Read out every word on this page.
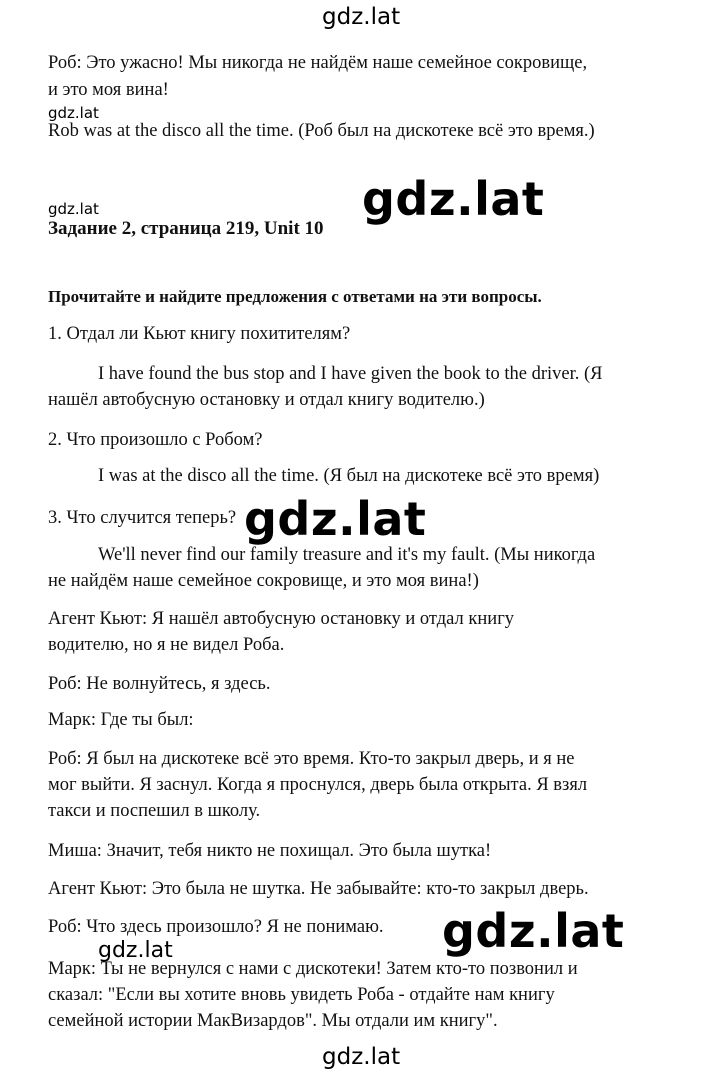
gdz.lat
gdz.lat
gdz.lat	gdz.lat
gdz.lat
gdz.lat
gdz.lat
gdz.lat

Роб: Это ужасно! Мы никогда не найдём наше семейное сокровище,

и это моя вина!

Rob was at the disco all the time. (Роб был на дискотеке всё это время.)

Задание 2, страница 219, Unit 10

Прочитайте и найдите предложения с ответами на эти вопросы.

1. Отдал ли Кьют книгу похитителям?

I have found the bus stop and I have given the book to the driver. (Я

нашёл автобусную остановку и отдал книгу водителю.)

2. Что произошло с Робом?

I was at the disco all the time. (Я был на дискотеке всё это время)

3. Что случится теперь?

We'll never find our family treasure and it's my fault. (Мы никогда

не найдём наше семейное сокровище, и это моя вина!)

Агент Кьют: Я нашёл автобусную остановку и отдал книгу

водителю, но я не видел Роба.

Роб: Не волнуйтесь, я здесь.

Марк: Где ты был:

Роб: Я был на дискотеке всё это время. Кто-то закрыл дверь, и я не

мог выйти. Я заснул. Когда я проснулся, дверь была открыта. Я взял

такси и поспешил в школу.

Миша: Значит, тебя никто не похищал. Это была шутка!

Агент Кьют: Это была не шутка. Не забывайте: кто-то закрыл дверь.

Роб: Что здесь произошло? Я не понимаю.

Марк: Ты не вернулся с нами с дискотеки! Затем кто-то позвонил и

сказал: "Если вы хотите вновь увидеть Роба - отдайте нам книгу

семейной истории МакВизардов". Мы отдали им книгу".
